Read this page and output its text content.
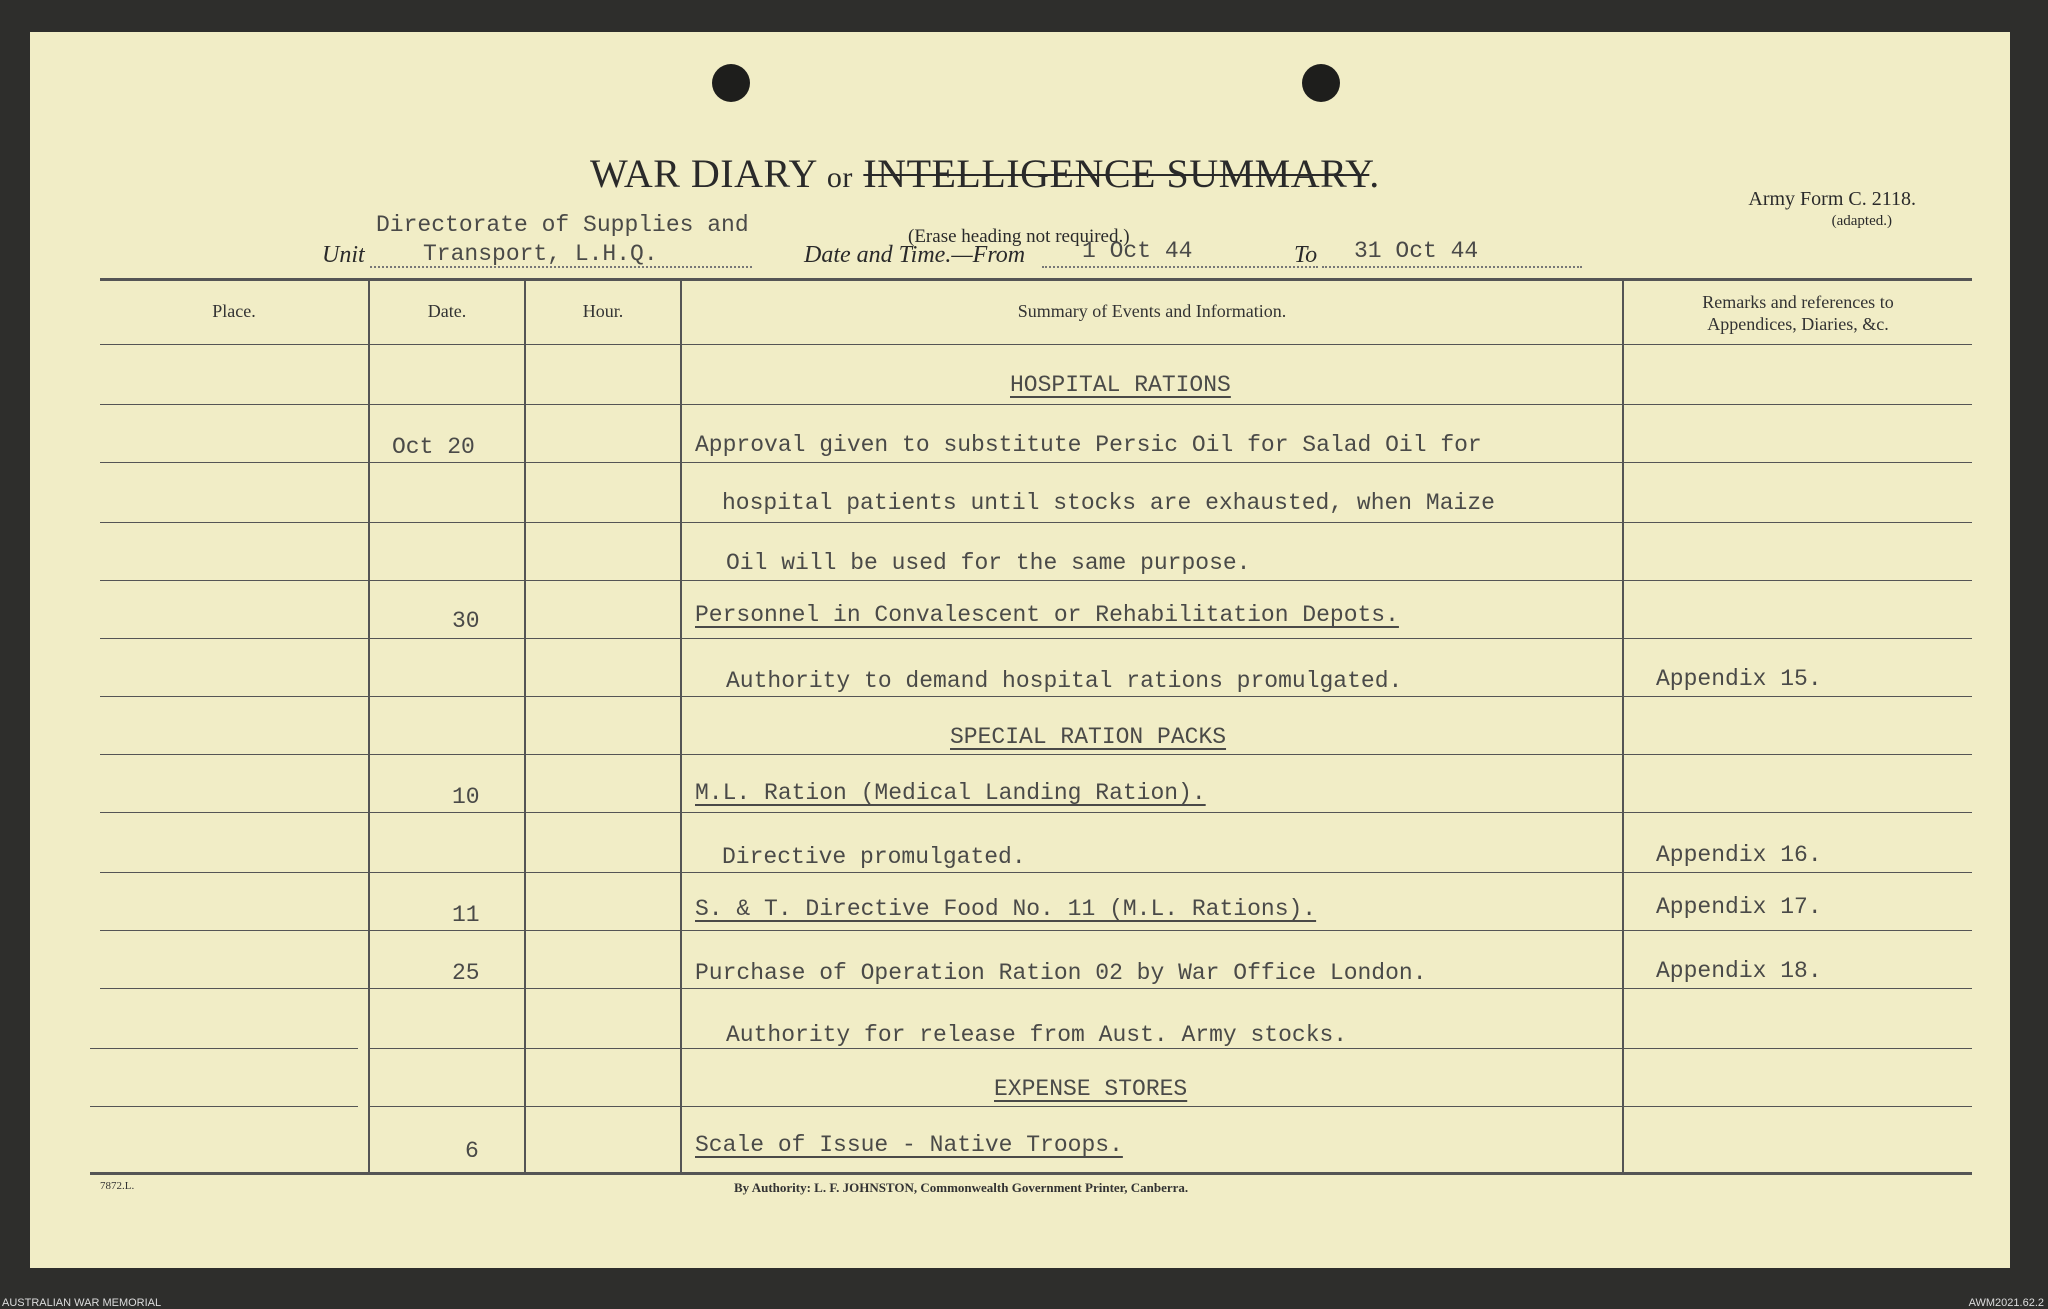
WAR DIARY or INTELLIGENCE SUMMARY.
(Erase heading not required.)
Army Form C. 2118.
(adapted.)
Unit
Directorate of Supplies and
Transport, L.H.Q.	Date and Time.—From 1 Oct 44	To 31 Oct 44
Place.	Date.	Hour.	Summary of Events and Information.	Remarks and references to
Appendices, Diaries, &c.
HOSPITAL RATIONS
Oct 20	Approval given to substitute Persic Oil for Salad Oil for
hospital patients until stocks are exhausted, when Maize
Oil will be used for the same purpose.
30	Personnel in Convalescent or Rehabilitation Depots.
Authority to demand hospital rations promulgated.	Appendix 15.
SPECIAL RATION PACKS
10	M.L. Ration (Medical Landing Ration).
Directive promulgated.	Appendix 16.
11	S. & T. Directive Food No. 11 (M.L. Rations).	Appendix 17.
25	Purchase of Operation Ration 02 by War Office London.	Appendix 18.
Authority for release from Aust. Army stocks.
EXPENSE STORES
6	Scale of Issue - Native Troops.
7872.L.	By Authority: L. F. JOHNSTON, Commonwealth Government Printer, Canberra.
AUSTRALIAN WAR MEMORIAL	AWM2021.62.2
